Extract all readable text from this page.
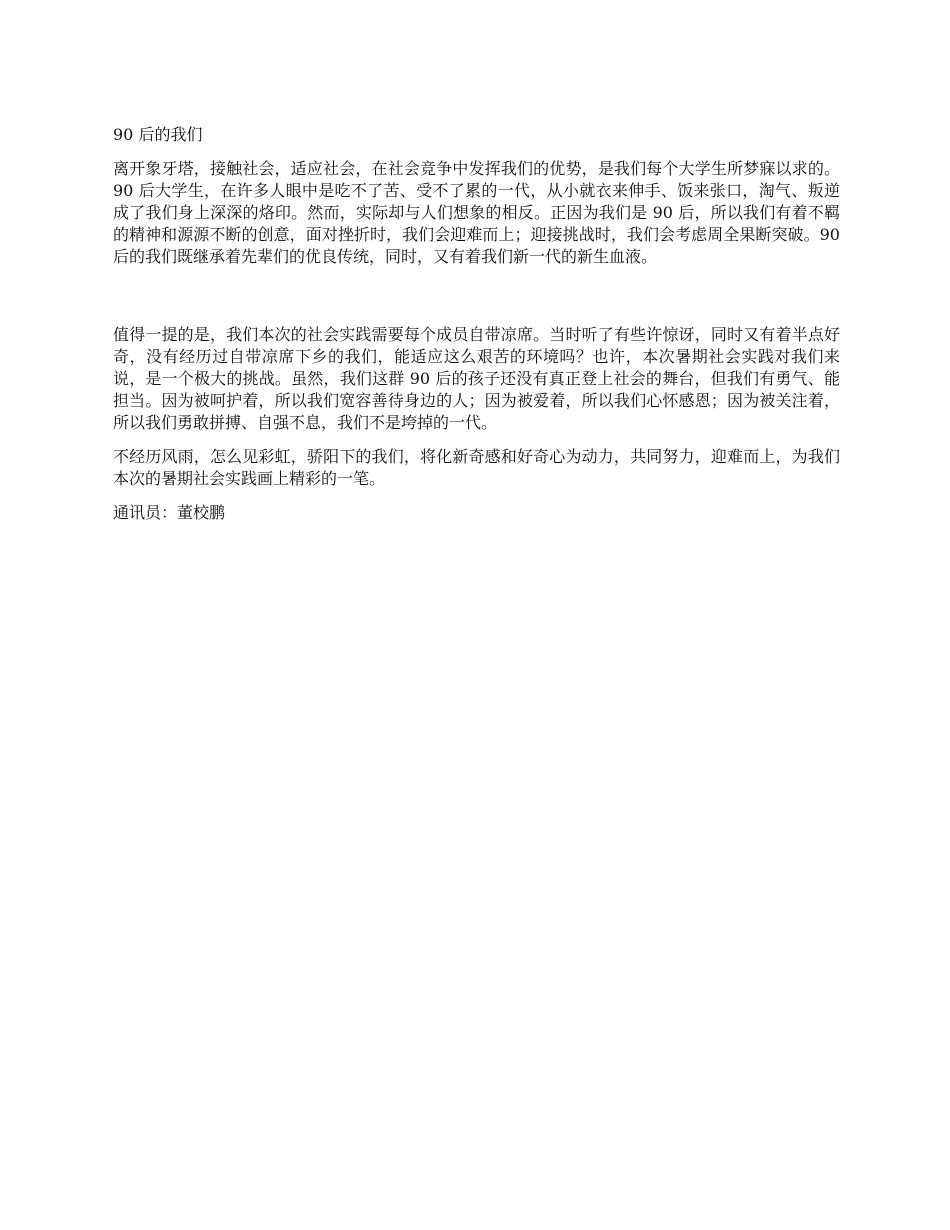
90 后的我们

离开象牙塔，接触社会，适应社会，在社会竞争中发挥我们的优势，是我们每个大学生所梦寐以求的。90 后大学生，在许多人眼中是吃不了苦、受不了累的一代，从小就衣来伸手、饭来张口，淘气、叛逆成了我们身上深深的烙印。然而，实际却与人们想象的相反。正因为我们是 90 后，所以我们有着不羁的精神和源源不断的创意，面对挫折时，我们会迎难而上；迎接挑战时，我们会考虑周全果断突破。90 后的我们既继承着先辈们的优良传统，同时，又有着我们新一代的新生血液。

值得一提的是，我们本次的社会实践需要每个成员自带凉席。当时听了有些许惊讶，同时又有着半点好奇，没有经历过自带凉席下乡的我们，能适应这么艰苦的环境吗？也许，本次暑期社会实践对我们来说，是一个极大的挑战。虽然，我们这群 90 后的孩子还没有真正登上社会的舞台，但我们有勇气、能担当。因为被呵护着，所以我们宽容善待身边的人；因为被爱着，所以我们心怀感恩；因为被关注着，所以我们勇敢拼搏、自强不息，我们不是垮掉的一代。

不经历风雨，怎么见彩虹，骄阳下的我们，将化新奇感和好奇心为动力，共同努力，迎难而上，为我们本次的暑期社会实践画上精彩的一笔。

通讯员：董校鹏
